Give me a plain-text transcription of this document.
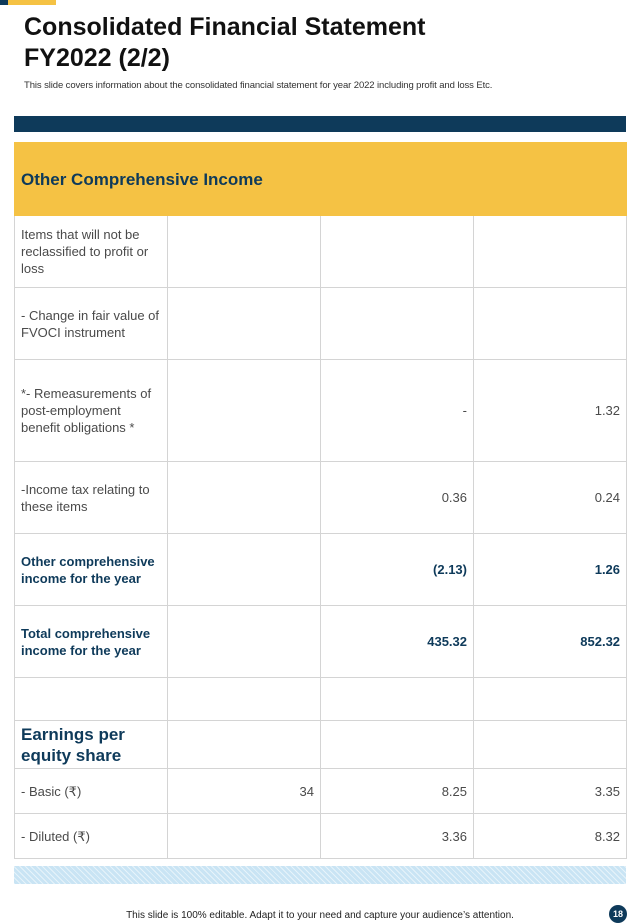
Consolidated Financial Statement
FY2022 (2/2)
This slide covers information about the consolidated financial statement for year 2022 including profit and loss Etc.
Other Comprehensive Income			
Items that will not be reclassified to profit or loss			
- Change in fair value of FVOCI instrument			
*- Remeasurements of post-employment benefit obligations *		-	1.32
-Income tax relating to these items		0.36	0.24
Other comprehensive income for the year		(2.13)	1.26
Total comprehensive income for the year		435.32	852.32

Earnings per equity share			
- Basic (₹)	34	8.25	3.35
- Diluted (₹)		3.36	8.32
This slide is 100% editable. Adapt it to your need and capture your audience’s attention.	18
